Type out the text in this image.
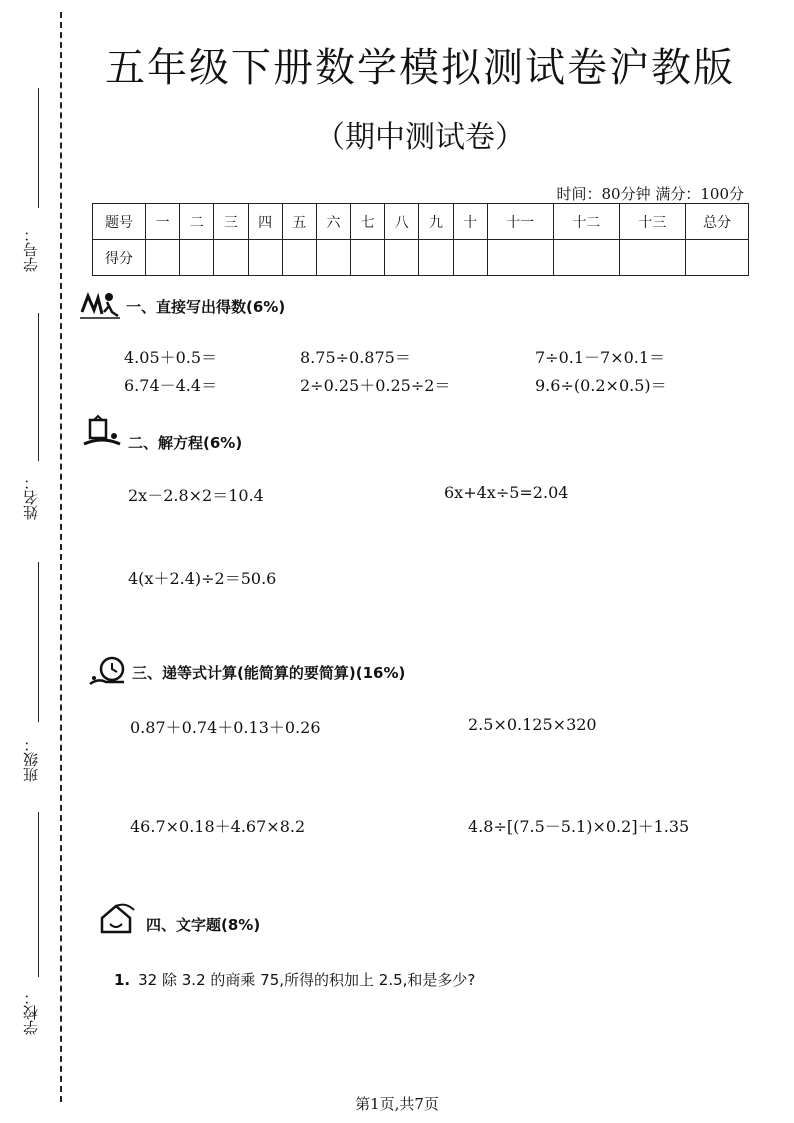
学号：
姓名：
班级：
学校：
五年级下册数学模拟测试卷沪教版
（期中测试卷）
时间：80分钟 满分：100分
题号	一	二	三	四	五	六	七	八	九	十	十一	十二	十三	总分
得分														
一、直接写出得数(6%)
4.05＋0.5＝	8.75÷0.875＝	7÷0.1－7×0.1＝
6.74－4.4＝	2÷0.25＋0.25÷2＝	9.6÷(0.2×0.5)＝
二、解方程(6%)
2x－2.8×2＝10.4	6x+4x÷5=2.04
4(x＋2.4)÷2＝50.6
三、递等式计算(能简算的要简算)(16%)
0.87＋0.74＋0.13＋0.26	2.5×0.125×320
46.7×0.18＋4.67×8.2	4.8÷[(7.5－5.1)×0.2]＋1.35
四、文字题(8%)
1. 32 除 3.2 的商乘 75,所得的积加上 2.5,和是多少?
第1页,共7页
